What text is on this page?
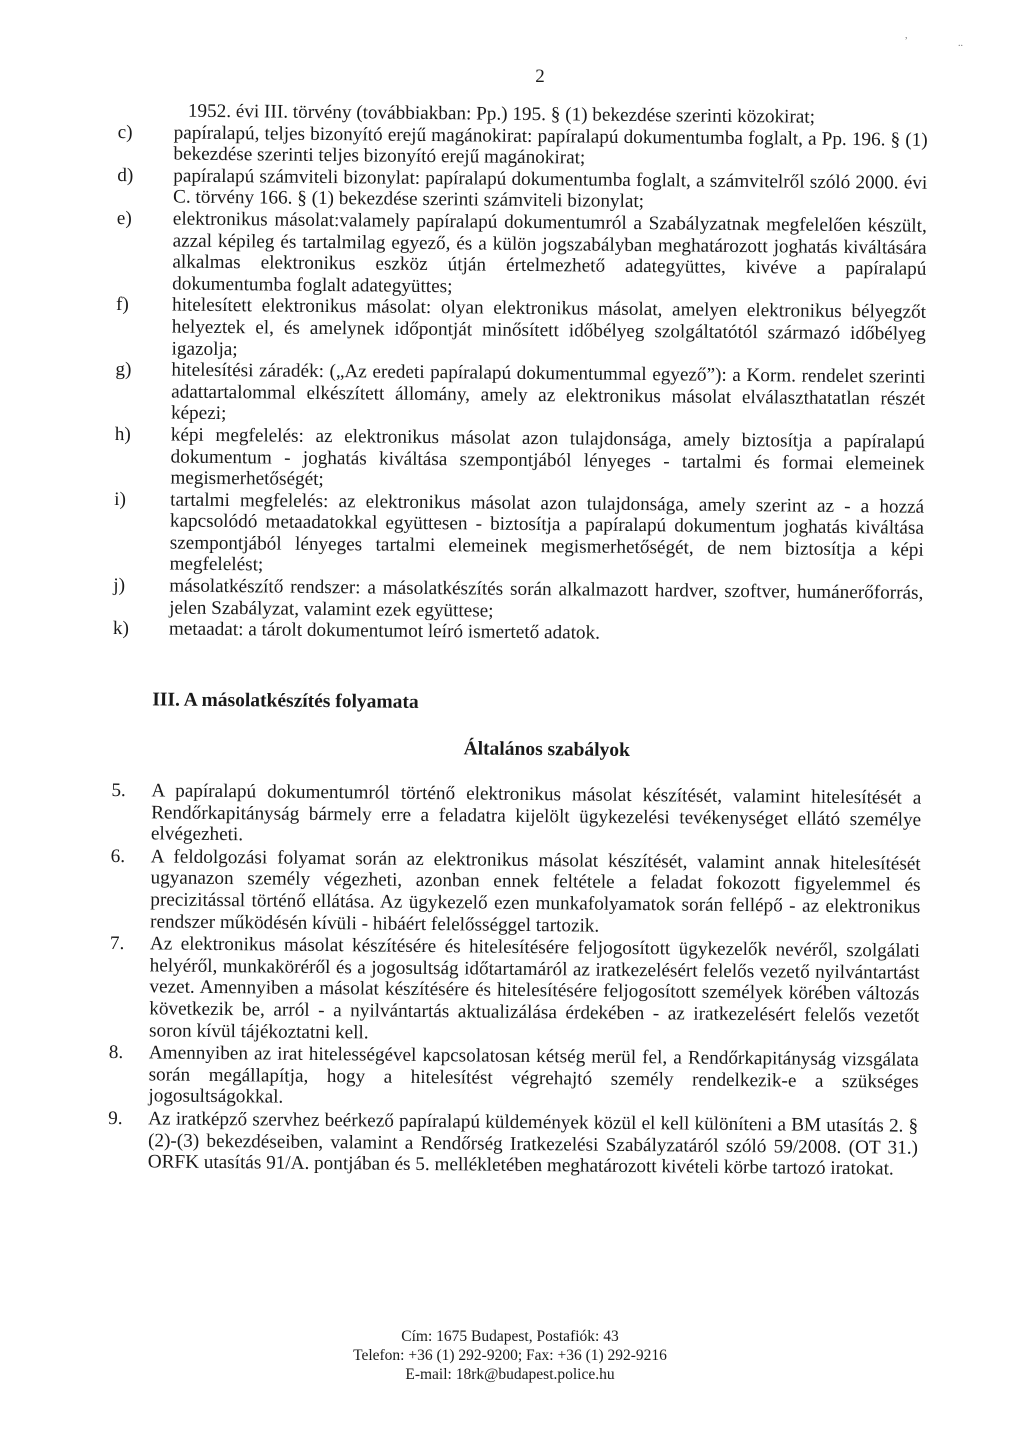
,
..
2

1952. évi III. törvény (továbbiakban: Pp.) 195. § (1) bekezdése szerinti közokirat;

c) papíralapú, teljes bizonyító erejű magánokirat: papíralapú dokumentumba foglalt, a Pp. 196. § (1) bekezdése szerinti teljes bizonyító erejű magánokirat;

d) papíralapú számviteli bizonylat: papíralapú dokumentumba foglalt, a számvitelről szóló 2000. évi C. törvény 166. § (1) bekezdése szerinti számviteli bizonylat;

e) elektronikus másolat:valamely papíralapú dokumentumról a Szabályzatnak megfelelően készült, azzal képileg és tartalmilag egyező, és a külön jogszabályban meghatározott joghatás kiváltására alkalmas elektronikus eszköz útján értelmezhető adategyüttes, kivéve a papíralapú dokumentumba foglalt adategyüttes;

f) hitelesített elektronikus másolat: olyan elektronikus másolat, amelyen elektronikus bélyegzőt helyeztek el, és amelynek időpontját minősített időbélyeg szolgáltatótól származó időbélyeg igazolja;

g) hitelesítési záradék: („Az eredeti papíralapú dokumentummal egyező”): a Korm. rendelet szerinti adattartalommal elkészített állomány, amely az elektronikus másolat elválaszthatatlan részét képezi;

h) képi megfelelés: az elektronikus másolat azon tulajdonsága, amely biztosítja a papíralapú dokumentum - joghatás kiváltása szempontjából lényeges - tartalmi és formai elemeinek megismerhetőségét;

i) tartalmi megfelelés: az elektronikus másolat azon tulajdonsága, amely szerint az - a hozzá kapcsolódó metaadatokkal együttesen - biztosítja a papíralapú dokumentum joghatás kiváltása szempontjából lényeges tartalmi elemeinek megismerhetőségét, de nem biztosítja a képi megfelelést;

j) másolatkészítő rendszer: a másolatkészítés során alkalmazott hardver, szoftver, humánerőforrás, jelen Szabályzat, valamint ezek együttese;

k) metaadat: a tárolt dokumentumot leíró ismertető adatok.

III. A másolatkészítés folyamata
Általános szabályok

5. A papíralapú dokumentumról történő elektronikus másolat készítését, valamint hitelesítését a Rendőrkapitányság bármely erre a feladatra kijelölt ügykezelési tevékenységet ellátó személye elvégezheti.

6. A feldolgozási folyamat során az elektronikus másolat készítését, valamint annak hitelesítését ugyanazon személy végezheti, azonban ennek feltétele a feladat fokozott figyelemmel és precizitással történő ellátása. Az ügykezelő ezen munkafolyamatok során fellépő - az elektronikus rendszer működésén kívüli - hibáért felelősséggel tartozik.

7. Az elektronikus másolat készítésére és hitelesítésére feljogosított ügykezelők nevéről, szolgálati helyéről, munkaköréről és a jogosultság időtartamáról az iratkezelésért felelős vezető nyilvántartást vezet. Amennyiben a másolat készítésére és hitelesítésére feljogosított személyek körében változás következik be, arról - a nyilvántartás aktualizálása érdekében - az iratkezelésért felelős vezetőt soron kívül tájékoztatni kell.

8. Amennyiben az irat hitelességével kapcsolatosan kétség merül fel, a Rendőrkapitányság vizsgálata során megállapítja, hogy a hitelesítést végrehajtó személy rendelkezik-e a szükséges jogosultságokkal.

9. Az iratképző szervhez beérkező papíralapú küldemények közül el kell különíteni a BM utasítás 2. § (2)-(3) bekezdéseiben, valamint a Rendőrség Iratkezelési Szabályzatáról szóló 59/2008. (OT 31.) ORFK utasítás 91/A. pontjában és 5. mellékletében meghatározott kivételi körbe tartozó iratokat.

Cím: 1675 Budapest, Postafiók: 43
Telefon: +36 (1) 292-9200; Fax: +36 (1) 292-9216
E-mail: 18rk@budapest.police.hu
